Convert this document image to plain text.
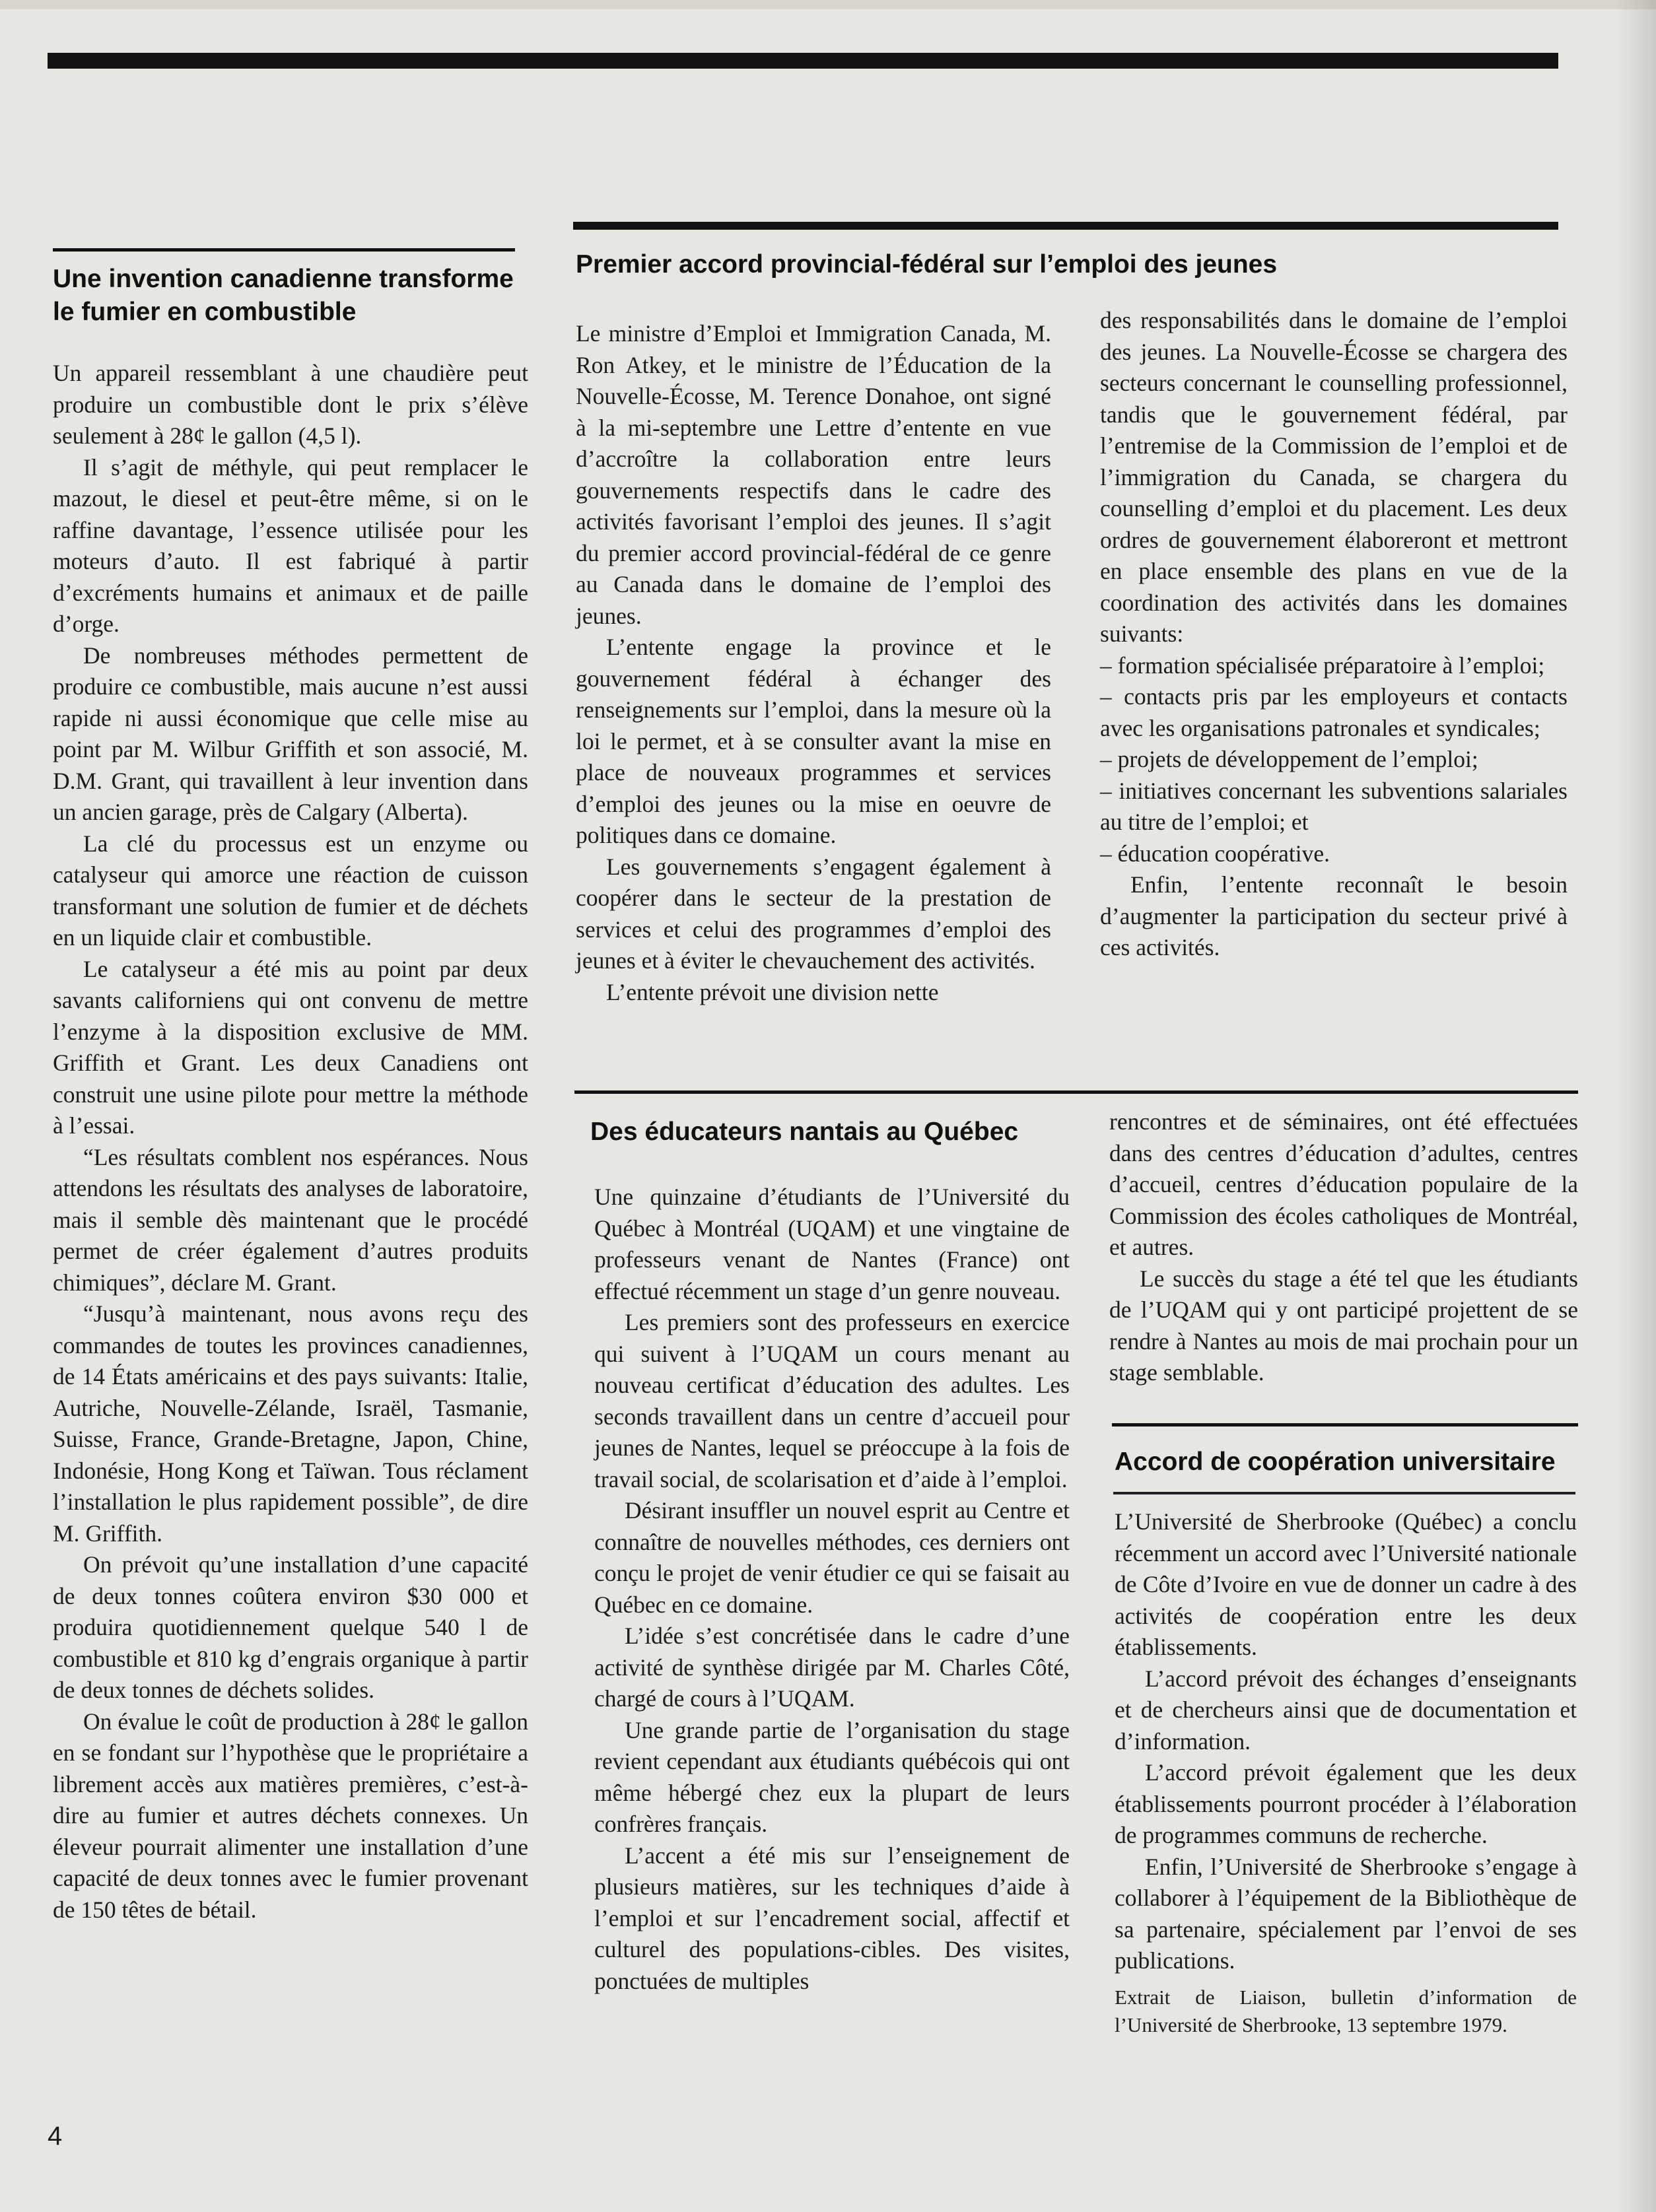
Une invention canadienne transforme le fumier en combustible

Un appareil ressemblant à une chaudière peut produire un combustible dont le prix s’élève seulement à 28¢ le gallon (4,5 l).

Il s’agit de méthyle, qui peut remplacer le mazout, le diesel et peut-être même, si on le raffine davantage, l’essence utilisée pour les moteurs d’auto. Il est fabriqué à partir d’excréments humains et animaux et de paille d’orge.

De nombreuses méthodes permettent de produire ce combustible, mais aucune n’est aussi rapide ni aussi économique que celle mise au point par M. Wilbur Griffith et son associé, M. D.M. Grant, qui travaillent à leur invention dans un ancien garage, près de Calgary (Alberta).

La clé du processus est un enzyme ou catalyseur qui amorce une réaction de cuisson transformant une solution de fumier et de déchets en un liquide clair et combustible.

Le catalyseur a été mis au point par deux savants californiens qui ont convenu de mettre l’enzyme à la disposition exclusive de MM. Griffith et Grant. Les deux Canadiens ont construit une usine pilote pour mettre la méthode à l’essai.

“Les résultats comblent nos espérances. Nous attendons les résultats des analyses de laboratoire, mais il semble dès maintenant que le procédé permet de créer également d’autres produits chimiques”, déclare M. Grant.

“Jusqu’à maintenant, nous avons reçu des commandes de toutes les provinces canadiennes, de 14 États américains et des pays suivants: Italie, Autriche, Nouvelle-Zélande, Israël, Tasmanie, Suisse, France, Grande-Bretagne, Japon, Chine, Indonésie, Hong Kong et Taïwan. Tous réclament l’installation le plus rapidement possible”, de dire M. Griffith.

On prévoit qu’une installation d’une capacité de deux tonnes coûtera environ $30 000 et produira quotidiennement quelque 540 l de combustible et 810 kg d’engrais organique à partir de deux tonnes de déchets solides.

On évalue le coût de production à 28¢ le gallon en se fondant sur l’hypothèse que le propriétaire a librement accès aux matières premières, c’est-à-dire au fumier et autres déchets connexes. Un éleveur pourrait alimenter une installation d’une capacité de deux tonnes avec le fumier provenant de 150 têtes de bétail.

Premier accord provincial-fédéral sur l’emploi des jeunes

Le ministre d’Emploi et Immigration Canada, M. Ron Atkey, et le ministre de l’Éducation de la Nouvelle-Écosse, M. Terence Donahoe, ont signé à la mi-septembre une Lettre d’entente en vue d’accroître la collaboration entre leurs gouvernements respectifs dans le cadre des activités favorisant l’emploi des jeunes. Il s’agit du premier accord provincial-fédéral de ce genre au Canada dans le domaine de l’emploi des jeunes.

L’entente engage la province et le gouvernement fédéral à échanger des renseignements sur l’emploi, dans la mesure où la loi le permet, et à se consulter avant la mise en place de nouveaux programmes et services d’emploi des jeunes ou la mise en oeuvre de politiques dans ce domaine.

Les gouvernements s’engagent également à coopérer dans le secteur de la prestation de services et celui des programmes d’emploi des jeunes et à éviter le chevauchement des activités.

L’entente prévoit une division nette

des responsabilités dans le domaine de l’emploi des jeunes. La Nouvelle-Écosse se chargera des secteurs concernant le counselling professionnel, tandis que le gouvernement fédéral, par l’entremise de la Commission de l’emploi et de l’immigration du Canada, se chargera du counselling d’emploi et du placement. Les deux ordres de gouvernement élaboreront et mettront en place ensemble des plans en vue de la coordination des activités dans les domaines suivants:

– formation spécialisée préparatoire à l’emploi;

– contacts pris par les employeurs et contacts avec les organisations patronales et syndicales;

– projets de développement de l’emploi;

– initiatives concernant les subventions salariales au titre de l’emploi; et

– éducation coopérative.

Enfin, l’entente reconnaît le besoin d’augmenter la participation du secteur privé à ces activités.

Des éducateurs nantais au Québec

Une quinzaine d’étudiants de l’Université du Québec à Montréal (UQAM) et une vingtaine de professeurs venant de Nantes (France) ont effectué récemment un stage d’un genre nouveau.

Les premiers sont des professeurs en exercice qui suivent à l’UQAM un cours menant au nouveau certificat d’éducation des adultes. Les seconds travaillent dans un centre d’accueil pour jeunes de Nantes, lequel se préoccupe à la fois de travail social, de scolarisation et d’aide à l’emploi.

Désirant insuffler un nouvel esprit au Centre et connaître de nouvelles méthodes, ces derniers ont conçu le projet de venir étudier ce qui se faisait au Québec en ce domaine.

L’idée s’est concrétisée dans le cadre d’une activité de synthèse dirigée par M. Charles Côté, chargé de cours à l’UQAM.

Une grande partie de l’organisation du stage revient cependant aux étudiants québécois qui ont même hébergé chez eux la plupart de leurs confrères français.

L’accent a été mis sur l’enseignement de plusieurs matières, sur les techniques d’aide à l’emploi et sur l’encadrement social, affectif et culturel des populations-cibles. Des visites, ponctuées de multiples

rencontres et de séminaires, ont été effectuées dans des centres d’éducation d’adultes, centres d’accueil, centres d’éducation populaire de la Commission des écoles catholiques de Montréal, et autres.

Le succès du stage a été tel que les étudiants de l’UQAM qui y ont participé projettent de se rendre à Nantes au mois de mai prochain pour un stage semblable.

Accord de coopération universitaire

L’Université de Sherbrooke (Québec) a conclu récemment un accord avec l’Université nationale de Côte d’Ivoire en vue de donner un cadre à des activités de coopération entre les deux établissements.

L’accord prévoit des échanges d’enseignants et de chercheurs ainsi que de documentation et d’information.

L’accord prévoit également que les deux établissements pourront procéder à l’élaboration de programmes communs de recherche.

Enfin, l’Université de Sherbrooke s’engage à collaborer à l’équipement de la Bibliothèque de sa partenaire, spécialement par l’envoi de ses publications.

Extrait de Liaison, bulletin d’information de l’Université de Sherbrooke, 13 septembre 1979.

4
